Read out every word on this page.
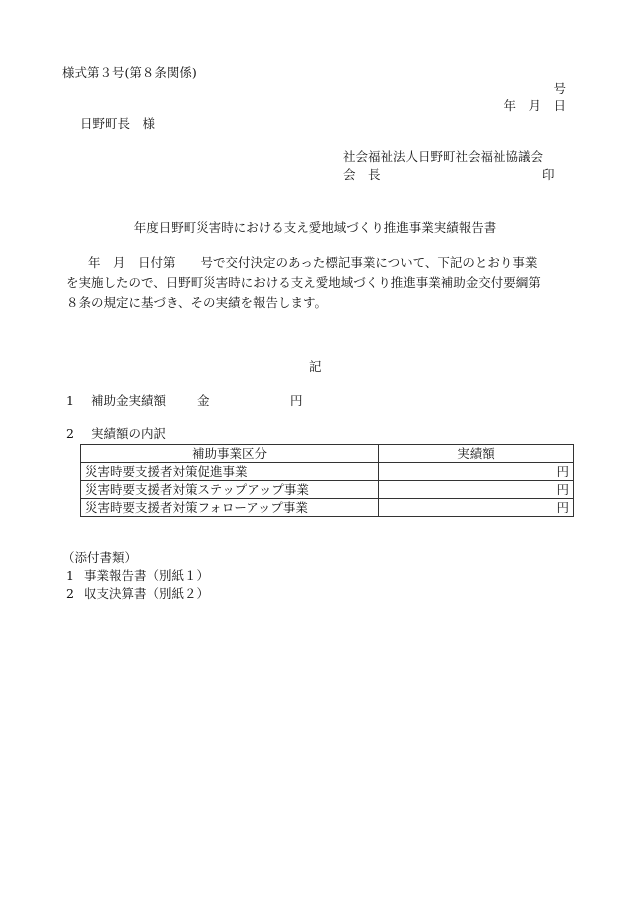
様式第３号(第８条関係)
号
年　月　日
日野町長　様
社会福祉法人日野町社会福祉協議会
会　長	印
年度日野町災害時における支え愛地域づくり推進事業実績報告書
年　月　日付第　　号で交付決定のあった標記事業について、下記のとおり事業
を実施したので、日野町災害時における支え愛地域づくり推進事業補助金交付要綱第
８条の規定に基づき、その実績を報告します。
記
1 補助金実績額 金	円
2 実績額の内訳
補助事業区分	実績額
災害時要支援者対策促進事業	円
災害時要支援者対策ステップアップ事業	円
災害時要支援者対策フォローアップ事業	円
（添付書類）
1 事業報告書（別紙１）
2 収支決算書（別紙２）
